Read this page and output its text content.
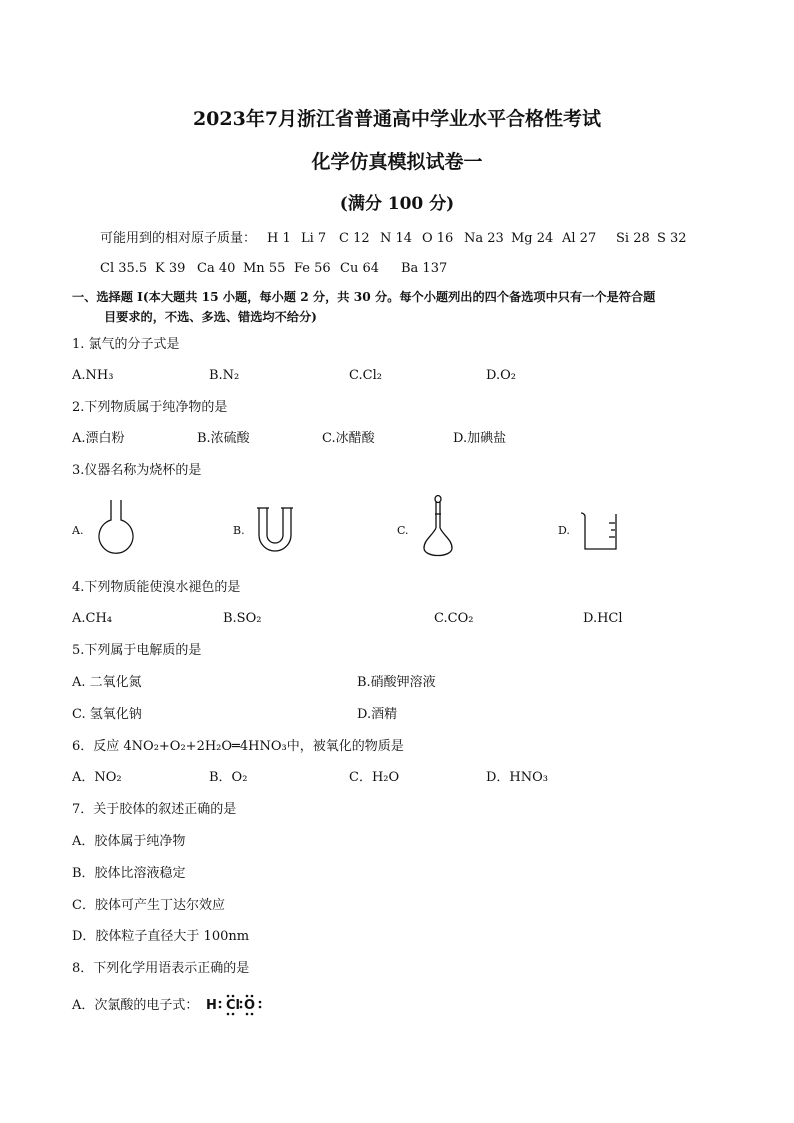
2023年7月浙江省普通高中学业水平合格性考试
化学仿真模拟试卷一
(满分 100 分)
可能用到的相对原子质量： H 1 Li 7 C 12 N 14 O 16 Na 23 Mg 24 Al 27 Si 28 S 32
Cl 35.5 K 39 Ca 40 Mn 55 Fe 56 Cu 64 Ba 137
一、选择题 I(本大题共 15 小题，每小题 2 分，共 30 分。每个小题列出的四个备选项中只有一个是符合题
目要求的，不选、多选、错选均不给分)
1. 氯气的分子式是
A.NH₃	B.N₂	C.Cl₂	D.O₂
2.下列物质属于纯净物的是
A.漂白粉	B.浓硫酸	C.冰醋酸	D.加碘盐
3.仪器名称为烧杯的是
A.	B.	C.	D.
4.下列物质能使溴水褪色的是
A.CH₄	B.SO₂	C.CO₂	D.HCl
5.下列属于电解质的是
A. 二氧化氮	B.硝酸钾溶液
C. 氢氧化钠	D.酒精
6．反应 4NO₂+O₂+2H₂O═4HNO₃中，被氧化的物质是
A．NO₂	B．O₂	C．H₂O	D．HNO₃
7．关于胶体的叙述正确的是
A．胶体属于纯净物
B．胶体比溶液稳定
C．胶体可产生丁达尔效应
D．胶体粒子直径大于 100nm
8．下列化学用语表示正确的是
A．次氯酸的电子式： H Cl O
